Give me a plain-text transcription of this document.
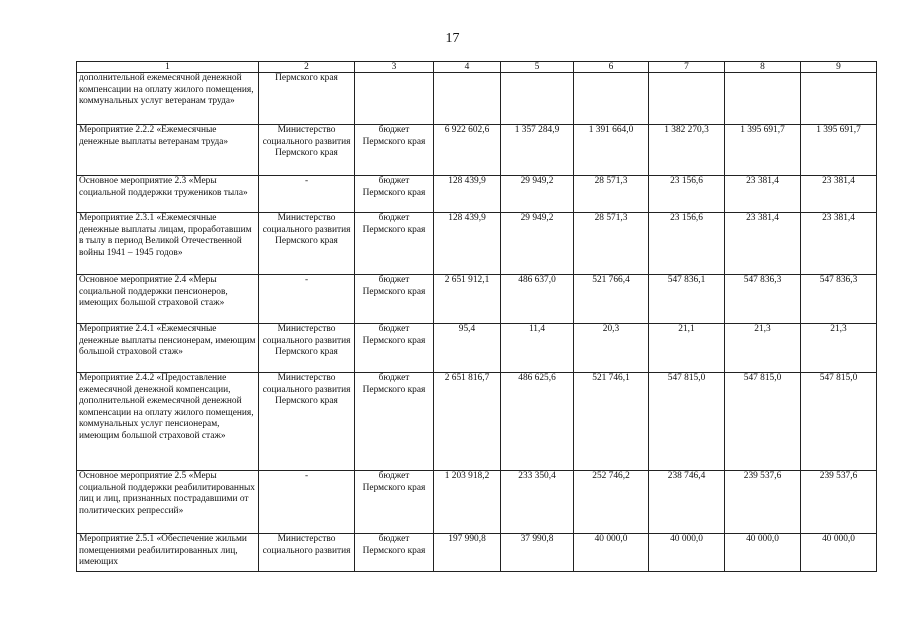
17
1	2	3	4	5	6	7	8	9
дополнительной ежемесячной денежной компенсации на оплату жилого помещения, коммунальных услуг ветеранам труда»	Пермского края							
Мероприятие 2.2.2 «Ежемесячные денежные выплаты ветеранам труда»	Министерство социального развития Пермского края	бюджет Пермского края	6 922 602,6	1 357 284,9	1 391 664,0	1 382 270,3	1 395 691,7	1 395 691,7
Основное мероприятие 2.3 «Меры социальной поддержки тружеников тыла»	-	бюджет Пермского края	128 439,9	29 949,2	28 571,3	23 156,6	23 381,4	23 381,4
Мероприятие 2.3.1 «Ежемесячные денежные выплаты лицам, проработавшим в тылу в период Великой Отечественной войны 1941 – 1945 годов»	Министерство социального развития Пермского края	бюджет Пермского края	128 439,9	29 949,2	28 571,3	23 156,6	23 381,4	23 381,4
Основное мероприятие 2.4 «Меры социальной поддержки пенсионеров, имеющих большой страховой стаж»	-	бюджет Пермского края	2 651 912,1	486 637,0	521 766,4	547 836,1	547 836,3	547 836,3
Мероприятие 2.4.1 «Ежемесячные денежные выплаты пенсионерам, имеющим большой страховой стаж»	Министерство социального развития Пермского края	бюджет Пермского края	95,4	11,4	20,3	21,1	21,3	21,3
Мероприятие 2.4.2 «Предоставление ежемесячной денежной компенсации, дополнительной ежемесячной денежной компенсации на оплату жилого помещения, коммунальных услуг пенсионерам, имеющим большой страховой стаж»	Министерство социального развития Пермского края	бюджет Пермского края	2 651 816,7	486 625,6	521 746,1	547 815,0	547 815,0	547 815,0
Основное мероприятие 2.5 «Меры социальной поддержки реабилитированных лиц и лиц, признанных пострадавшими от политических репрессий»	-	бюджет Пермского края	1 203 918,2	233 350,4	252 746,2	238 746,4	239 537,6	239 537,6
Мероприятие 2.5.1 «Обеспечение жильми помещениями реабилитированных лиц, имеющих	Министерство социального развития	бюджет Пермского края	197 990,8	37 990,8	40 000,0	40 000,0	40 000,0	40 000,0
